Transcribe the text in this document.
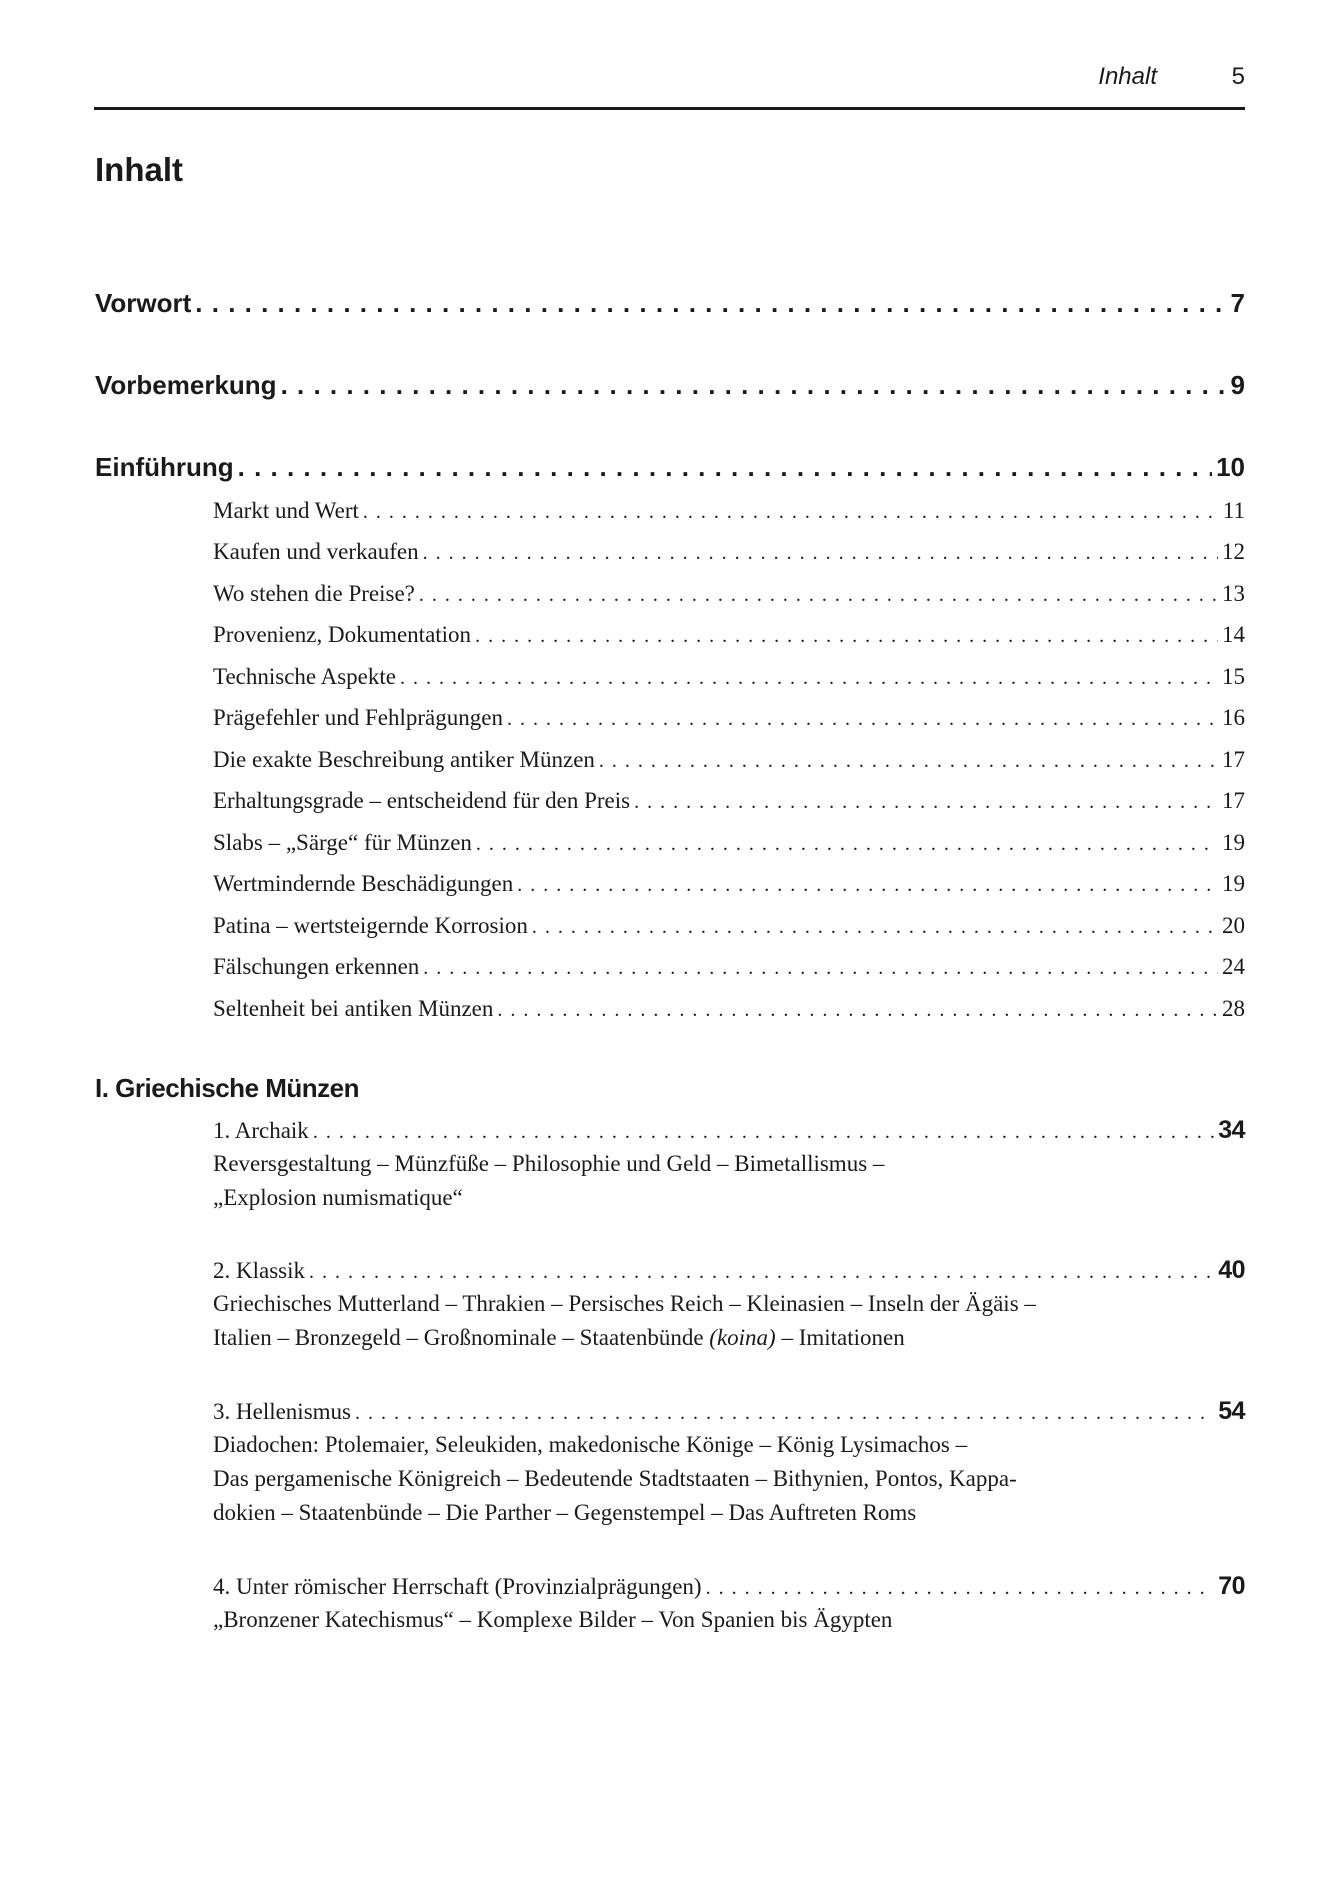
Inhalt	5
Inhalt
Vorwort . . .	7
Vorbemerkung . . .	9
Einführung . . .	10
Markt und Wert . . .	11
Kaufen und verkaufen . . .	12
Wo stehen die Preise? . . .	13
Provenienz, Dokumentation . . .	14
Technische Aspekte . . .	15
Prägefehler und Fehlprägungen . . .	16
Die exakte Beschreibung antiker Münzen . . .	17
Erhaltungsgrade – entscheidend für den Preis . . .	17
Slabs – „Särge“ für Münzen . . .	19
Wertmindernde Beschädigungen . . .	19
Patina – wertsteigernde Korrosion . . .	20
Fälschungen erkennen . . .	24
Seltenheit bei antiken Münzen . . .	28
I. Griechische Münzen
1. Archaik . . .	34

Reversgestaltung – Münzfüße – Philosophie und Geld – Bimetallismus –

„Explosion numismatique“

2. Klassik . . .	40

Griechisches Mutterland – Thrakien – Persisches Reich – Kleinasien – Inseln der Ägäis –

Italien – Bronzegeld – Großnominale – Staatenbünde (koina) – Imitationen

3. Hellenismus . . .	54

Diadochen: Ptolemaier, Seleukiden, makedonische Könige – König Lysimachos –

Das pergamenische Königreich – Bedeutende Stadtstaaten – Bithynien, Pontos, Kappa-

dokien – Staatenbünde – Die Parther – Gegenstempel – Das Auftreten Roms

4. Unter römischer Herrschaft (Provinzialprägungen) . . .	70

„Bronzener Katechismus“ – Komplexe Bilder – Von Spanien bis Ägypten
